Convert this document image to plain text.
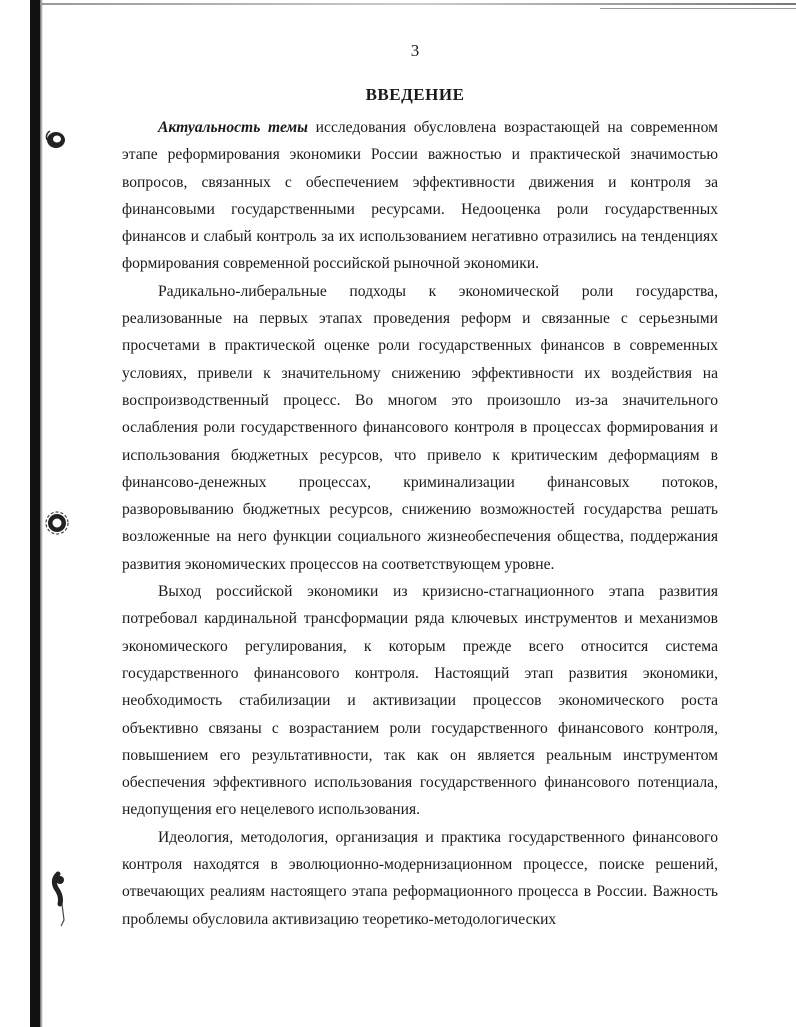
3
ВВЕДЕНИЕ

Актуальность темы исследования обусловлена возрастающей на современном этапе реформирования экономики России важностью и практической значимостью вопросов, связанных с обеспечением эффективности движения и контроля за финансовыми государственными ресурсами. Недооценка роли государственных финансов и слабый контроль за их использованием негативно отразились на тенденциях формирования современной российской рыночной экономики.

Радикально-либеральные подходы к экономической роли государства, реализованные на первых этапах проведения реформ и связанные с серьезными просчетами в практической оценке роли государственных финансов в современных условиях, привели к значительному снижению эффективности их воздействия на воспроизводственный процесс. Во многом это произошло из-за значительного ослабления роли государственного финансового контроля в процессах формирования и использования бюджетных ресурсов, что привело к критическим деформациям в финансово-денежных процессах, криминализации финансовых потоков, разворовыванию бюджетных ресурсов, снижению возможностей государства решать возложенные на него функции социального жизнеобеспечения общества, поддержания развития экономических процессов на соответствующем уровне.

Выход российской экономики из кризисно-стагнационного этапа развития потребовал кардинальной трансформации ряда ключевых инструментов и механизмов экономического регулирования, к которым прежде всего относится система государственного финансового контроля. Настоящий этап развития экономики, необходимость стабилизации и активизации процессов экономического роста объективно связаны с возрастанием роли государственного финансового контроля, повышением его результативности, так как он является реальным инструментом обеспечения эффективного использования государственного финансового потенциала, недопущения его нецелевого использования.

Идеология, методология, организация и практика государственного финансового контроля находятся в эволюционно-модернизационном процессе, поиске решений, отвечающих реалиям настоящего этапа реформационного процесса в России. Важность проблемы обусловила активизацию теоретико-методологических
